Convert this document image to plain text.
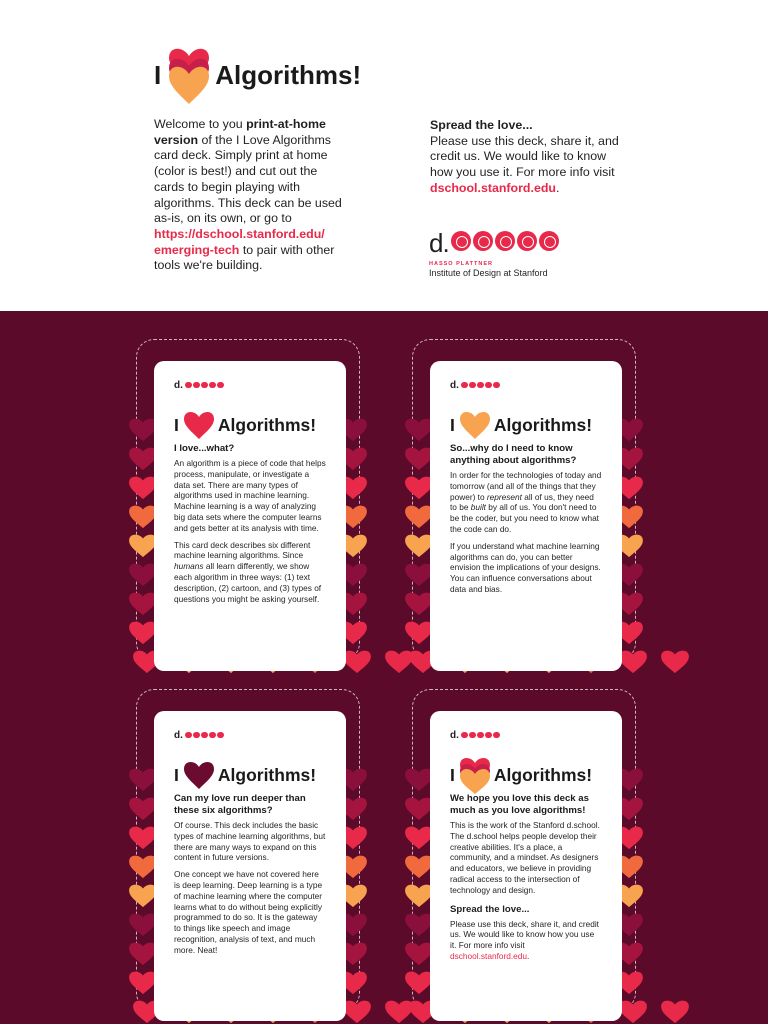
I Algorithms!
Welcome to you print-at-home version of the I Love Algorithms card deck. Simply print at home (color is best!) and cut out the cards to begin playing with algorithms. This deck can be used as-is, on its own, or go to https://dschool.stanford.edu/ emerging-tech to pair with other tools we're building.
Spread the love...
Please use this deck, share it, and credit us. We would like to know how you use it. For more info visit dschool.stanford.edu.
d.
HASSO PLATTNER
Institute of Design at Stanford
d.
I Algorithms!
I love...what?

An algorithm is a piece of code that helps process, manipulate, or investigate a data set. There are many types of algorithms used in machine learning. Machine learning is a way of analyzing big data sets where the computer learns and gets better at its analysis with time.

This card deck describes six different machine learning algorithms. Since humans all learn differently, we show each algorithm in three ways: (1) text description, (2) cartoon, and (3) types of questions you might be asking yourself.

d.
I Algorithms!
So...why do I need to know anything about algorithms?

In order for the technologies of today and tomorrow (and all of the things that they power) to represent all of us, they need to be built by all of us. You don't need to be the coder, but you need to know what the code can do.

If you understand what machine learning algorithms can do, you can better envision the implications of your designs. You can influence conversations about data and bias.

d.
I Algorithms!
Can my love run deeper than these six algorithms?

Of course. This deck includes the basic types of machine learning algorithms, but there are many ways to expand on this content in future versions.

One concept we have not covered here is deep learning. Deep learning is a type of machine learning where the computer learns what to do without being explicitly programmed to do so. It is the gateway to things like speech and image recognition, analysis of text, and much more. Neat!

d.
I Algorithms!
We hope you love this deck as much as you love algorithms!

This is the work of the Stanford d.school. The d.school helps people develop their creative abilities. It's a place, a community, and a mindset. As designers and educators, we believe in providing radical access to the intersection of technology and design.

Spread the love...

Please use this deck, share it, and credit us. We would like to know how you use it. For more info visit dschool.stanford.edu.
